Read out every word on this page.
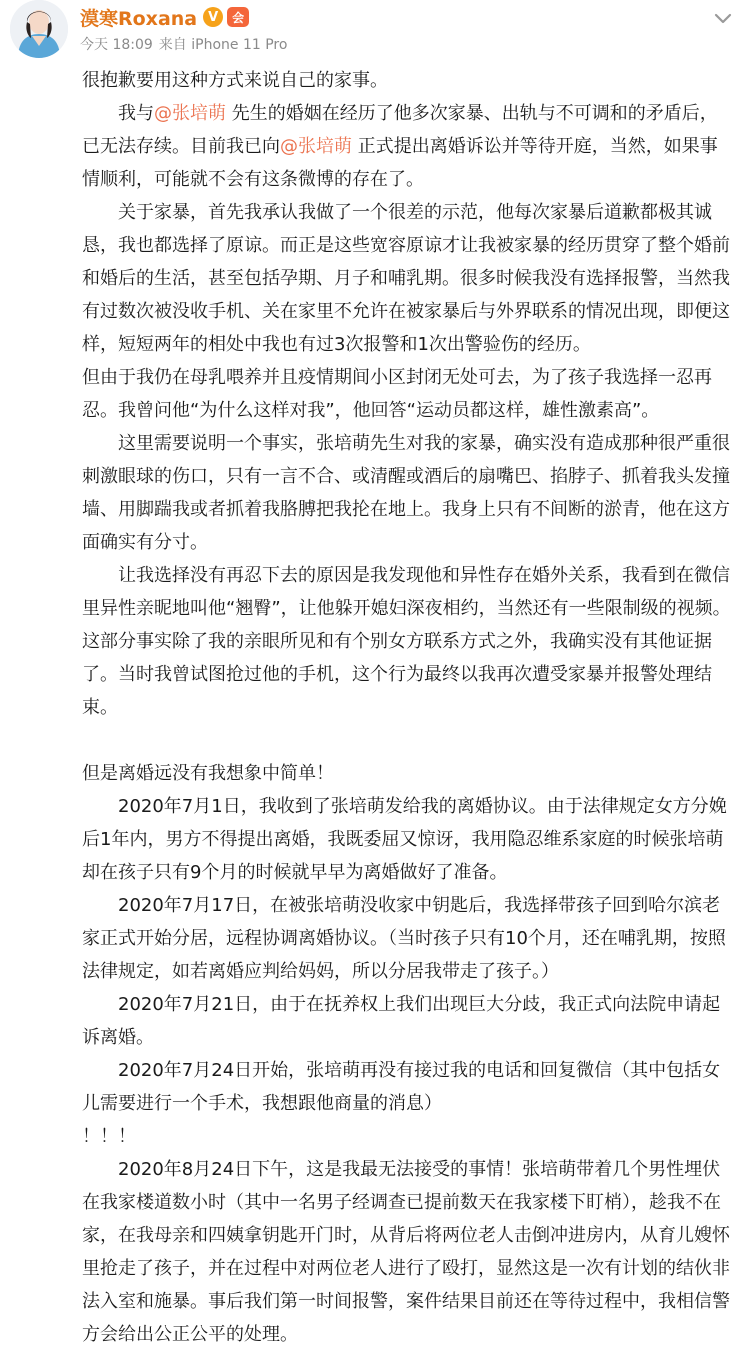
漠寒Roxana V	会
今天 18:09 来自 iPhone 11 Pro

很抱歉要用这种方式来说自己的家事。

我与@张培萌 先生的婚姻在经历了他多次家暴、出轨与不可调和的矛盾后，已无法存续。目前我已向@张培萌 正式提出离婚诉讼并等待开庭，当然，如果事情顺利，可能就不会有这条微博的存在了。

关于家暴，首先我承认我做了一个很差的示范，他每次家暴后道歉都极其诚恳，我也都选择了原谅。而正是这些宽容原谅才让我被家暴的经历贯穿了整个婚前和婚后的生活，甚至包括孕期、月子和哺乳期。很多时候我没有选择报警，当然我有过数次被没收手机、关在家里不允许在被家暴后与外界联系的情况出现，即便这样，短短两年的相处中我也有过3次报警和1次出警验伤的经历。

但由于我仍在母乳喂养并且疫情期间小区封闭无处可去，为了孩子我选择一忍再忍。我曾问他“为什么这样对我”，他回答“运动员都这样，雄性激素高”。

这里需要说明一个事实，张培萌先生对我的家暴，确实没有造成那种很严重很刺激眼球的伤口，只有一言不合、或清醒或酒后的扇嘴巴、掐脖子、抓着我头发撞墙、用脚踹我或者抓着我胳膊把我抡在地上。我身上只有不间断的淤青，他在这方面确实有分寸。

让我选择没有再忍下去的原因是我发现他和异性存在婚外关系，我看到在微信里异性亲昵地叫他“翘臀”，让他躲开媳妇深夜相约，当然还有一些限制级的视频。这部分事实除了我的亲眼所见和有个别女方联系方式之外，我确实没有其他证据了。当时我曾试图抢过他的手机，这个行为最终以我再次遭受家暴并报警处理结束。

但是离婚远没有我想象中简单！

2020年7月1日，我收到了张培萌发给我的离婚协议。由于法律规定女方分娩后1年内，男方不得提出离婚，我既委屈又惊讶，我用隐忍维系家庭的时候张培萌却在孩子只有9个月的时候就早早为离婚做好了准备。

2020年7月17日，在被张培萌没收家中钥匙后，我选择带孩子回到哈尔滨老家正式开始分居，远程协调离婚协议。（当时孩子只有10个月，还在哺乳期，按照法律规定，如若离婚应判给妈妈，所以分居我带走了孩子。）

2020年7月21日，由于在抚养权上我们出现巨大分歧，我正式向法院申请起诉离婚。

2020年7月24日开始，张培萌再没有接过我的电话和回复微信（其中包括女儿需要进行一个手术，我想跟他商量的消息）

！！！

2020年8月24日下午，这是我最无法接受的事情！张培萌带着几个男性埋伏在我家楼道数小时（其中一名男子经调查已提前数天在我家楼下盯梢），趁我不在家，在我母亲和四姨拿钥匙开门时，从背后将两位老人击倒冲进房内，从育儿嫂怀里抢走了孩子，并在过程中对两位老人进行了殴打，显然这是一次有计划的结伙非法入室和施暴。事后我们第一时间报警，案件结果目前还在等待过程中，我相信警方会给出公正公平的处理。
